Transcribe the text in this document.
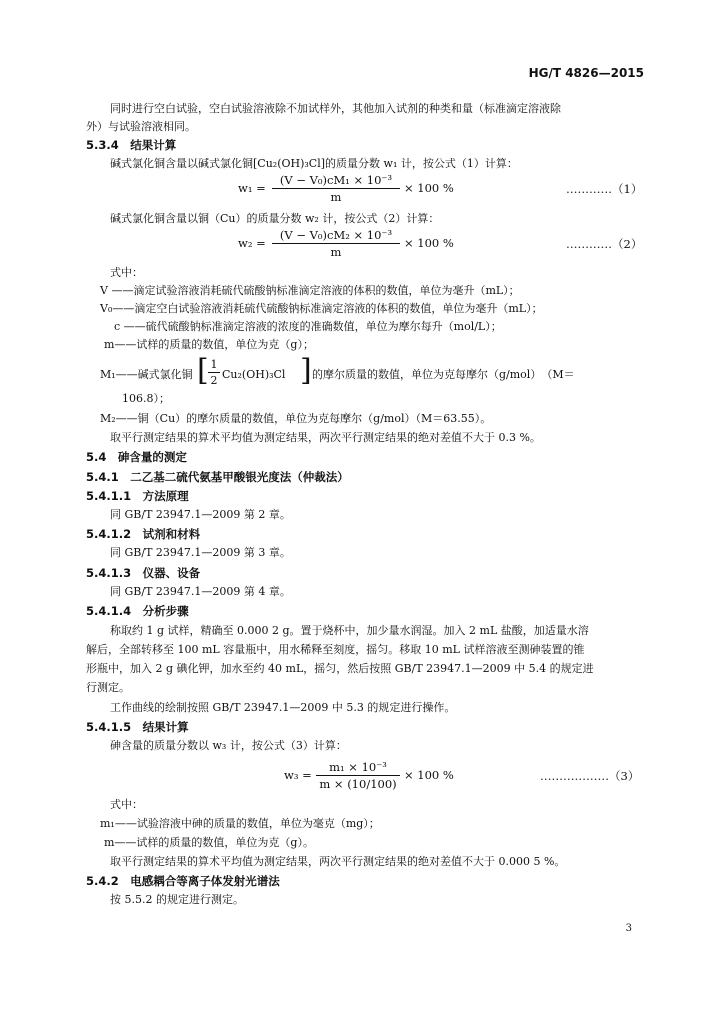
HG/T 4826—2015
同时进行空白试验，空白试验溶液除不加试样外，其他加入试剂的种类和量（标准滴定溶液除
外）与试验溶液相同。
5.3.4　结果计算
碱式氯化铜含量以碱式氯化铜[Cu₂(OH)₃Cl]的质量分数 w₁ 计，按公式（1）计算：
w₁ =
(V − V₀)cM₁ × 10⁻³
m
× 100 %	…………（1）
碱式氯化铜含量以铜（Cu）的质量分数 w₂ 计，按公式（2）计算：
w₂ =
(V − V₀)cM₂ × 10⁻³
m
× 100 %	…………（2）
式中：
V ——滴定试验溶液消耗硫代硫酸钠标准滴定溶液的体积的数值，单位为毫升（mL）；
V₀——滴定空白试验溶液消耗硫代硫酸钠标准滴定溶液的体积的数值，单位为毫升（mL）；
c ——硫代硫酸钠标准滴定溶液的浓度的准确数值，单位为摩尔每升（mol/L）；
m——试样的质量的数值，单位为克（g）；
M₁——碱式氯化铜 [ 1
2 Cu₂(OH)₃Cl ] 的摩尔质量的数值，单位为克每摩尔（g/mol）　（M＝
106.8）；
M₂——铜（Cu）的摩尔质量的数值，单位为克每摩尔（g/mol）（M＝63.55）。
取平行测定结果的算术平均值为测定结果，两次平行测定结果的绝对差值不大于 0.3 %。
5.4　砷含量的测定
5.4.1　二乙基二硫代氨基甲酸银光度法（仲裁法）
5.4.1.1　方法原理
同 GB/T 23947.1—2009 第 2 章。
5.4.1.2　试剂和材料
同 GB/T 23947.1—2009 第 3 章。
5.4.1.3　仪器、设备
同 GB/T 23947.1—2009 第 4 章。
5.4.1.4　分析步骤
称取约 1 g 试样，精确至 0.000 2 g。置于烧杯中，加少量水润湿。加入 2 mL 盐酸，加适量水溶
解后，全部转移至 100 mL 容量瓶中，用水稀释至刻度，摇匀。移取 10 mL 试样溶液至测砷装置的锥
形瓶中，加入 2 g 碘化钾，加水至约 40 mL，摇匀，然后按照 GB/T 23947.1—2009 中 5.4 的规定进
行测定。
工作曲线的绘制按照 GB/T 23947.1—2009 中 5.3 的规定进行操作。
5.4.1.5　结果计算
砷含量的质量分数以 w₃ 计，按公式（3）计算：
w₃ =
m₁ × 10⁻³
m × (10/100)
× 100 %	………………（3）
式中：
m₁——试验溶液中砷的质量的数值，单位为毫克（mg）；
m——试样的质量的数值，单位为克（g）。
取平行测定结果的算术平均值为测定结果，两次平行测定结果的绝对差值不大于 0.000 5 %。
5.4.2　电感耦合等离子体发射光谱法
按 5.5.2 的规定进行测定。
3
